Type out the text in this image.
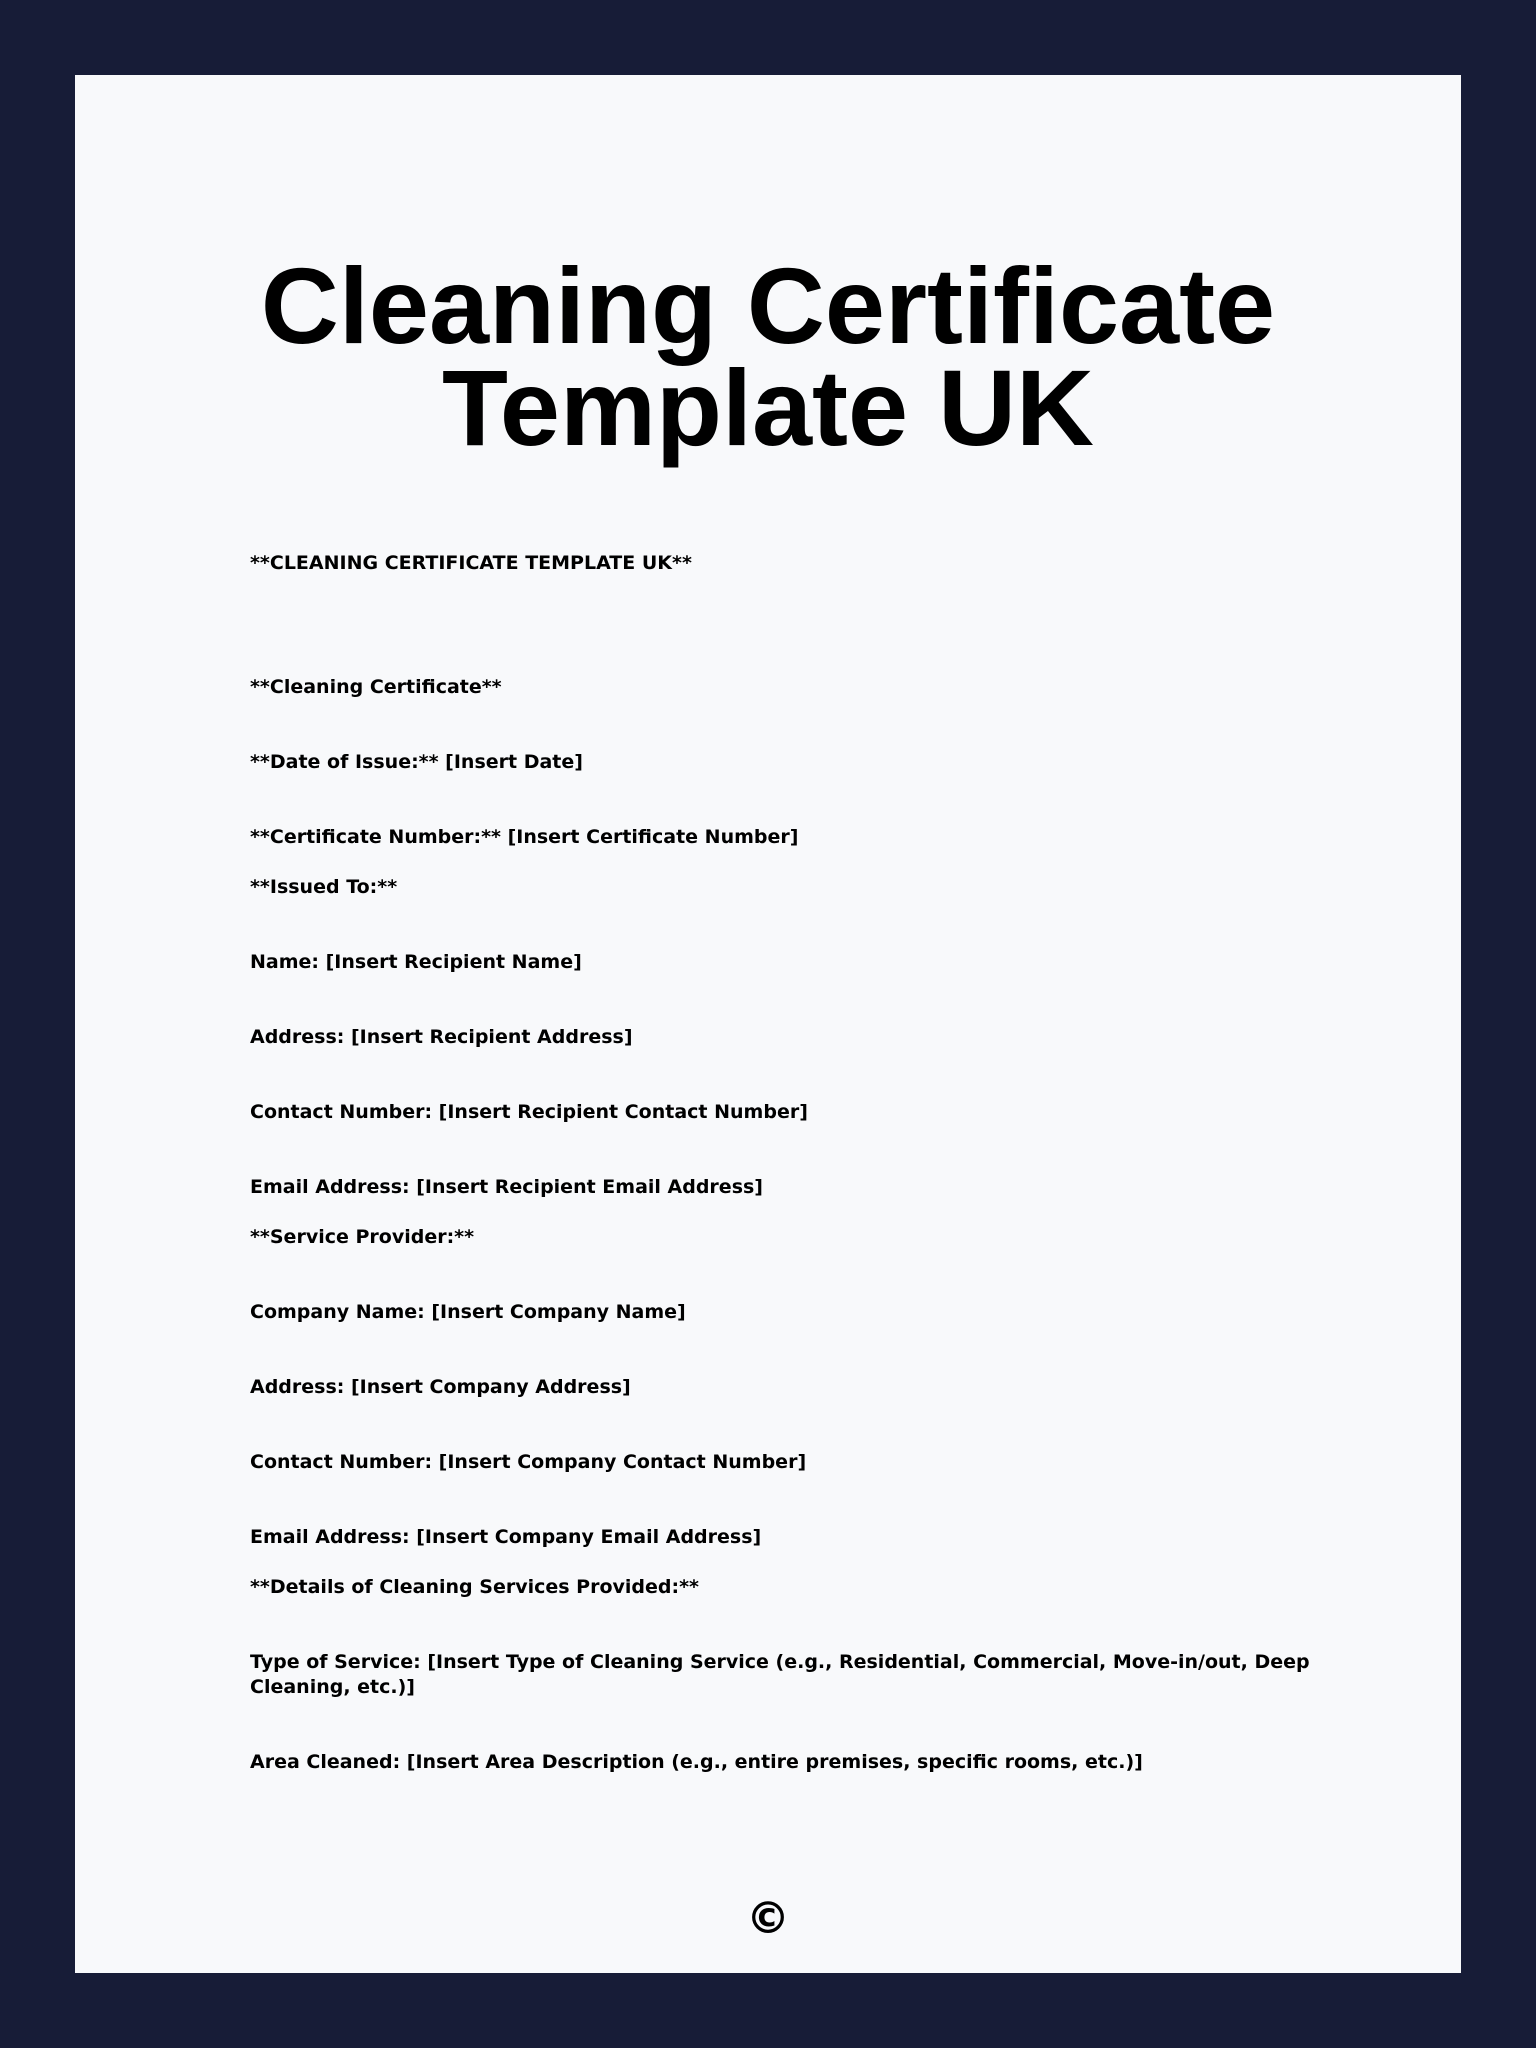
Cleaning Certificate
Template UK

**CLEANING CERTIFICATE TEMPLATE UK**

**Cleaning Certificate**

**Date of Issue:** [Insert Date]

**Certificate Number:** [Insert Certificate Number]

**Issued To:**

Name: [Insert Recipient Name]

Address: [Insert Recipient Address]

Contact Number: [Insert Recipient Contact Number]

Email Address: [Insert Recipient Email Address]

**Service Provider:**

Company Name: [Insert Company Name]

Address: [Insert Company Address]

Contact Number: [Insert Company Contact Number]

Email Address: [Insert Company Email Address]

**Details of Cleaning Services Provided:**

Type of Service: [Insert Type of Cleaning Service (e.g., Residential, Commercial, Move-in/out, Deep Cleaning, etc.)]

Area Cleaned: [Insert Area Description (e.g., entire premises, specific rooms, etc.)]

©
